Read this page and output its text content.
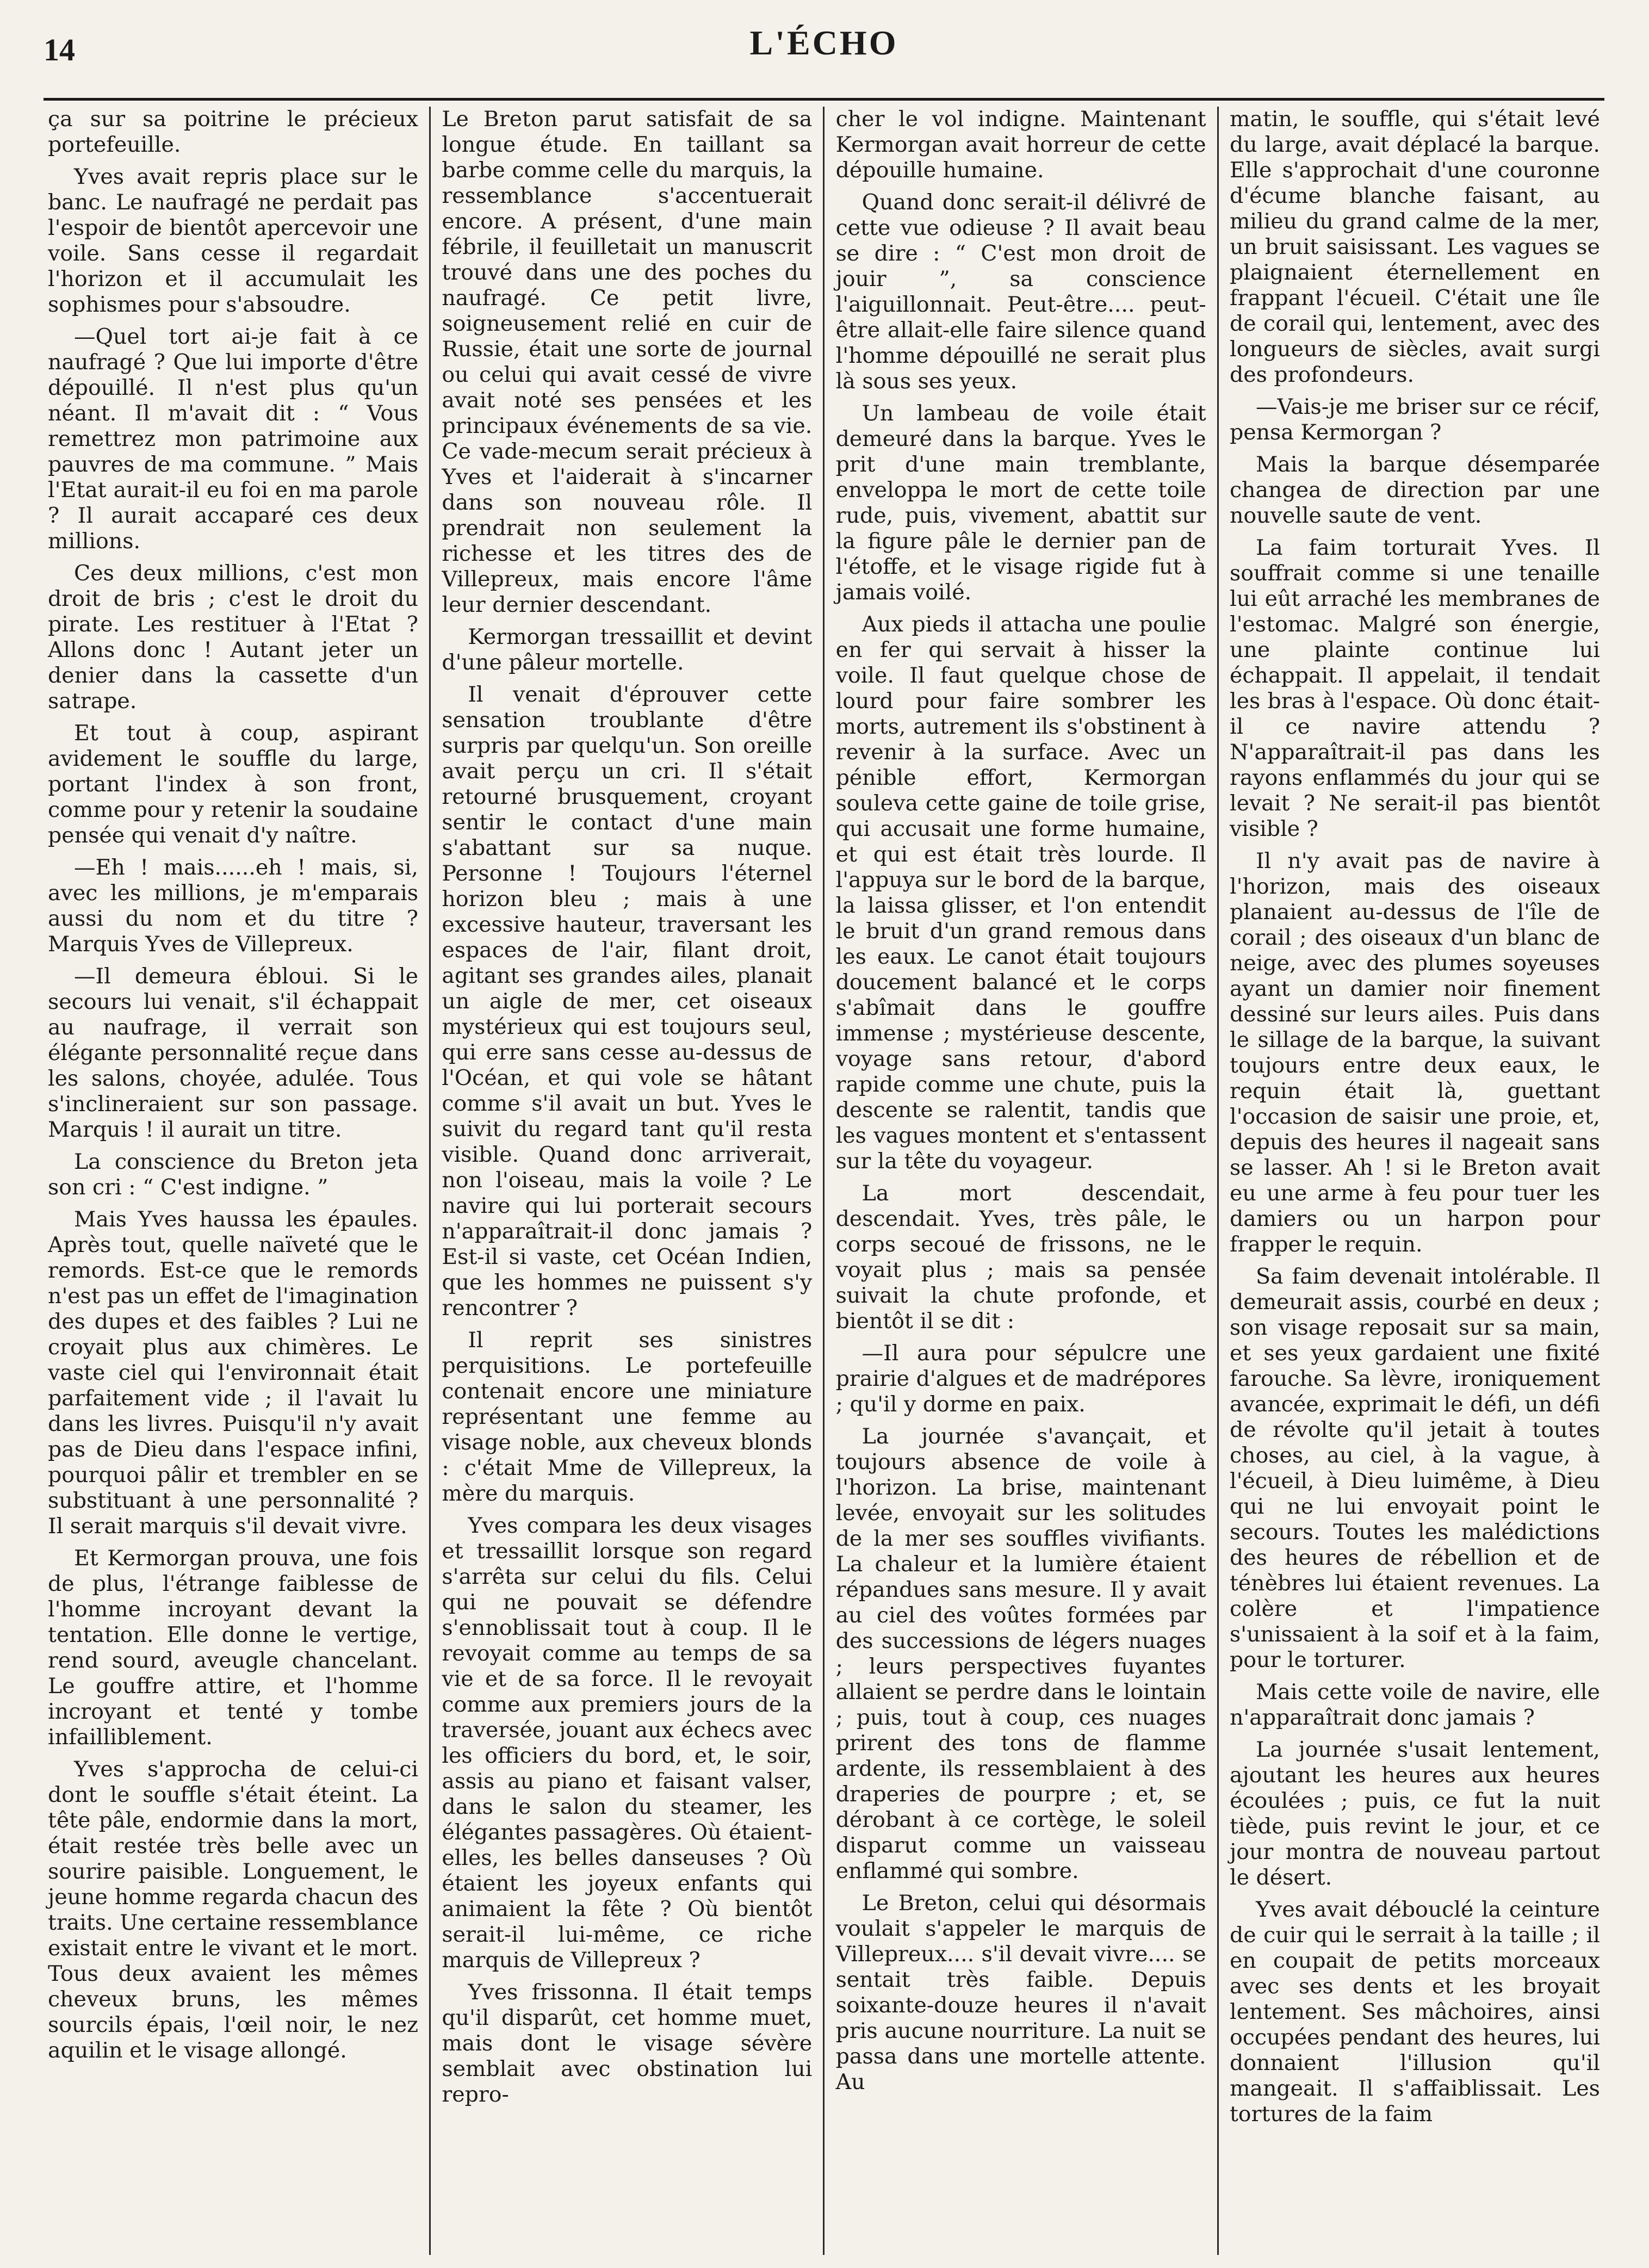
14	L'ÉCHO

ça sur sa poitrine le précieux portefeuille.

Yves avait repris place sur le banc. Le naufragé ne perdait pas l'espoir de bientôt apercevoir une voile. Sans cesse il regardait l'horizon et il accumulait les sophismes pour s'absoudre.

—Quel tort ai-je fait à ce naufragé ? Que lui importe d'être dépouillé. Il n'est plus qu'un néant. Il m'avait dit : “ Vous remettrez mon patrimoine aux pauvres de ma commune. ” Mais l'Etat aurait-il eu foi en ma parole ? Il aurait accaparé ces deux millions.

Ces deux millions, c'est mon droit de bris ; c'est le droit du pirate. Les restituer à l'Etat ? Allons donc ! Autant jeter un denier dans la cassette d'un satrape.

Et tout à coup, aspirant avidement le souffle du large, portant l'index à son front, comme pour y retenir la soudaine pensée qui venait d'y naître.

—Eh ! mais......eh ! mais, si, avec les millions, je m'emparais aussi du nom et du titre ? Marquis Yves de Villepreux.

—Il demeura ébloui. Si le secours lui venait, s'il échappait au naufrage, il verrait son élégante personnalité reçue dans les salons, choyée, adulée. Tous s'inclineraient sur son passage. Marquis ! il aurait un titre.

La conscience du Breton jeta son cri : “ C'est indigne. ”

Mais Yves haussa les épaules. Après tout, quelle naïveté que le remords. Est-ce que le remords n'est pas un effet de l'imagination des dupes et des faibles ? Lui ne croyait plus aux chimères. Le vaste ciel qui l'environnait était parfaitement vide ; il l'avait lu dans les livres. Puisqu'il n'y avait pas de Dieu dans l'espace infini, pourquoi pâlir et trembler en se substituant à une personnalité ? Il serait marquis s'il devait vivre.

Et Kermorgan prouva, une fois de plus, l'étrange faiblesse de l'homme incroyant devant la tentation. Elle donne le vertige, rend sourd, aveugle chancelant. Le gouffre attire, et l'homme incroyant et tenté y tombe infailliblement.

Yves s'approcha de celui-ci dont le souffle s'était éteint. La tête pâle, endormie dans la mort, était restée très belle avec un sourire paisible. Longuement, le jeune homme regarda chacun des traits. Une certaine ressemblance existait entre le vivant et le mort. Tous deux avaient les mêmes cheveux bruns, les mêmes sourcils épais, l'œil noir, le nez aquilin et le visage allongé.

Le Breton parut satisfait de sa longue étude. En taillant sa barbe comme celle du marquis, la ressemblance s'accentuerait encore. A présent, d'une main fébrile, il feuilletait un manuscrit trouvé dans une des poches du naufragé. Ce petit livre, soigneusement relié en cuir de Russie, était une sorte de journal ou celui qui avait cessé de vivre avait noté ses pensées et les principaux événements de sa vie. Ce vade-mecum serait précieux à Yves et l'aiderait à s'incarner dans son nouveau rôle. Il prendrait non seulement la richesse et les titres des de Villepreux, mais encore l'âme leur dernier descendant.

Kermorgan tressaillit et devint d'une pâleur mortelle.

Il venait d'éprouver cette sensation troublante d'être surpris par quelqu'un. Son oreille avait perçu un cri. Il s'était retourné brusquement, croyant sentir le contact d'une main s'abattant sur sa nuque. Personne ! Toujours l'éternel horizon bleu ; mais à une excessive hauteur, traversant les espaces de l'air, filant droit, agitant ses grandes ailes, planait un aigle de mer, cet oiseaux mystérieux qui est toujours seul, qui erre sans cesse au-dessus de l'Océan, et qui vole se hâtant comme s'il avait un but. Yves le suivit du regard tant qu'il resta visible. Quand donc arriverait, non l'oiseau, mais la voile ? Le navire qui lui porterait secours n'apparaîtrait-il donc jamais ? Est-il si vaste, cet Océan Indien, que les hommes ne puissent s'y rencontrer ?

Il reprit ses sinistres perquisitions. Le portefeuille contenait encore une miniature représentant une femme au visage noble, aux cheveux blonds : c'était Mme de Villepreux, la mère du marquis.

Yves compara les deux visages et tressaillit lorsque son regard s'arrêta sur celui du fils. Celui qui ne pouvait se défendre s'ennoblissait tout à coup. Il le revoyait comme au temps de sa vie et de sa force. Il le revoyait comme aux premiers jours de la traversée, jouant aux échecs avec les officiers du bord, et, le soir, assis au piano et faisant valser, dans le salon du steamer, les élégantes passagères. Où étaient-elles, les belles danseuses ? Où étaient les joyeux enfants qui animaient la fête ? Où bientôt serait-il lui-même, ce riche marquis de Villepreux ?

Yves frissonna. Il était temps qu'il disparût, cet homme muet, mais dont le visage sévère semblait avec obstination lui repro-

cher le vol indigne. Maintenant Kermorgan avait horreur de cette dépouille humaine.

Quand donc serait-il délivré de cette vue odieuse ? Il avait beau se dire : “ C'est mon droit de jouir ”, sa conscience l'aiguillonnait. Peut-être.... peut-être allait-elle faire silence quand l'homme dépouillé ne serait plus là sous ses yeux.

Un lambeau de voile était demeuré dans la barque. Yves le prit d'une main tremblante, enveloppa le mort de cette toile rude, puis, vivement, abattit sur la figure pâle le dernier pan de l'étoffe, et le visage rigide fut à jamais voilé.

Aux pieds il attacha une poulie en fer qui servait à hisser la voile. Il faut quelque chose de lourd pour faire sombrer les morts, autrement ils s'obstinent à revenir à la surface. Avec un pénible effort, Kermorgan souleva cette gaine de toile grise, qui accusait une forme humaine, et qui est était très lourde. Il l'appuya sur le bord de la barque, la laissa glisser, et l'on entendit le bruit d'un grand remous dans les eaux. Le canot était toujours doucement balancé et le corps s'abîmait dans le gouffre immense ; mystérieuse descente, voyage sans retour, d'abord rapide comme une chute, puis la descente se ralentit, tandis que les vagues montent et s'entassent sur la tête du voyageur.

La mort descendait, descendait. Yves, très pâle, le corps secoué de frissons, ne le voyait plus ; mais sa pensée suivait la chute profonde, et bientôt il se dit :

—Il aura pour sépulcre une prairie d'algues et de madrépores ; qu'il y dorme en paix.

La journée s'avançait, et toujours absence de voile à l'horizon. La brise, maintenant levée, envoyait sur les solitudes de la mer ses souffles vivifiants. La chaleur et la lumière étaient répandues sans mesure. Il y avait au ciel des voûtes formées par des successions de légers nuages ; leurs perspectives fuyantes allaient se perdre dans le lointain ; puis, tout à coup, ces nuages prirent des tons de flamme ardente, ils ressemblaient à des draperies de pourpre ; et, se dérobant à ce cortège, le soleil disparut comme un vaisseau enflammé qui sombre.

Le Breton, celui qui désormais voulait s'appeler le marquis de Villepreux.... s'il devait vivre.... se sentait très faible. Depuis soixante-douze heures il n'avait pris aucune nourriture. La nuit se passa dans une mortelle attente. Au

matin, le souffle, qui s'était levé du large, avait déplacé la barque. Elle s'approchait d'une couronne d'écume blanche faisant, au milieu du grand calme de la mer, un bruit saisissant. Les vagues se plaignaient éternellement en frappant l'écueil. C'était une île de corail qui, lentement, avec des longueurs de siècles, avait surgi des profondeurs.

—Vais-je me briser sur ce récif, pensa Kermorgan ?

Mais la barque désemparée changea de direction par une nouvelle saute de vent.

La faim torturait Yves. Il souffrait comme si une tenaille lui eût arraché les membranes de l'estomac. Malgré son énergie, une plainte continue lui échappait. Il appelait, il tendait les bras à l'espace. Où donc était-il ce navire attendu ? N'apparaîtrait-il pas dans les rayons enflammés du jour qui se levait ? Ne serait-il pas bientôt visible ?

Il n'y avait pas de navire à l'horizon, mais des oiseaux planaient au-dessus de l'île de corail ; des oiseaux d'un blanc de neige, avec des plumes soyeuses ayant un damier noir finement dessiné sur leurs ailes. Puis dans le sillage de la barque, la suivant toujours entre deux eaux, le requin était là, guettant l'occasion de saisir une proie, et, depuis des heures il nageait sans se lasser. Ah ! si le Breton avait eu une arme à feu pour tuer les damiers ou un harpon pour frapper le requin.

Sa faim devenait intolérable. Il demeurait assis, courbé en deux ; son visage reposait sur sa main, et ses yeux gardaient une fixité farouche. Sa lèvre, ironiquement avancée, exprimait le défi, un défi de révolte qu'il jetait à toutes choses, au ciel, à la vague, à l'écueil, à Dieu luimême, à Dieu qui ne lui envoyait point le secours. Toutes les malédictions des heures de rébellion et de ténèbres lui étaient revenues. La colère et l'impatience s'unissaient à la soif et à la faim, pour le torturer.

Mais cette voile de navire, elle n'apparaîtrait donc jamais ?

La journée s'usait lentement, ajoutant les heures aux heures écoulées ; puis, ce fut la nuit tiède, puis revint le jour, et ce jour montra de nouveau partout le désert.

Yves avait débouclé la ceinture de cuir qui le serrait à la taille ; il en coupait de petits morceaux avec ses dents et les broyait lentement. Ses mâchoires, ainsi occupées pendant des heures, lui donnaient l'illusion qu'il mangeait. Il s'affaiblissait. Les tortures de la faim
